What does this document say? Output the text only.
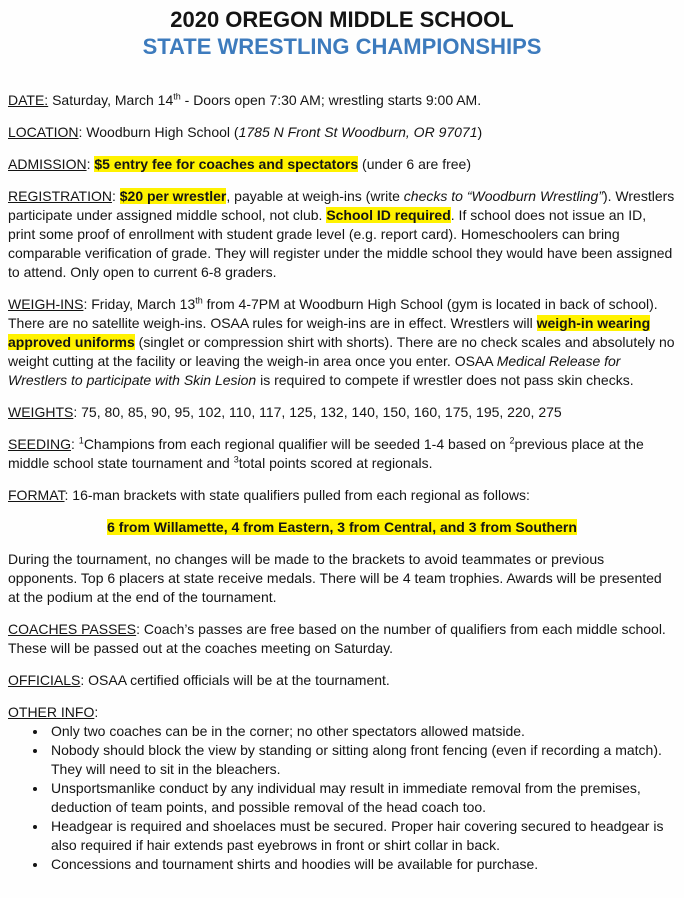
2020 OREGON MIDDLE SCHOOL
STATE WRESTLING CHAMPIONSHIPS

DATE: Saturday, March 14th - Doors open 7:30 AM; wrestling starts 9:00 AM.

LOCATION: Woodburn High School (1785 N Front St Woodburn, OR 97071)

ADMISSION: $5 entry fee for coaches and spectators (under 6 are free)

REGISTRATION: $20 per wrestler, payable at weigh-ins (write checks to “Woodburn Wrestling”). Wrestlers participate under assigned middle school, not club. School ID required. If school does not issue an ID, print some proof of enrollment with student grade level (e.g. report card). Homeschoolers can bring comparable verification of grade. They will register under the middle school they would have been assigned to attend. Only open to current 6-8 graders.

WEIGH-INS: Friday, March 13th from 4-7PM at Woodburn High School (gym is located in back of school). There are no satellite weigh-ins. OSAA rules for weigh-ins are in effect. Wrestlers will weigh-in wearing approved uniforms (singlet or compression shirt with shorts). There are no check scales and absolutely no weight cutting at the facility or leaving the weigh-in area once you enter. OSAA Medical Release for Wrestlers to participate with Skin Lesion is required to compete if wrestler does not pass skin checks.

WEIGHTS: 75, 80, 85, 90, 95, 102, 110, 117, 125, 132, 140, 150, 160, 175, 195, 220, 275

SEEDING: $^1$Champions from each regional qualifier will be seeded 1-4 based on $^2$previous place at the middle school state tournament and $^3$total points scored at regionals.

FORMAT: 16-man brackets with state qualifiers pulled from each regional as follows:

6 from Willamette, 4 from Eastern, 3 from Central, and 3 from Southern

During the tournament, no changes will be made to the brackets to avoid teammates or previous opponents. Top 6 placers at state receive medals. There will be 4 team trophies. Awards will be presented at the podium at the end of the tournament.

COACHES PASSES: Coach’s passes are free based on the number of qualifiers from each middle school. These will be passed out at the coaches meeting on Saturday.

OFFICIALS: OSAA certified officials will be at the tournament.

OTHER INFO:

• Only two coaches can be in the corner; no other spectators allowed matside.
• Nobody should block the view by standing or sitting along front fencing (even if recording a match). They will need to sit in the bleachers.
• Unsportsmanlike conduct by any individual may result in immediate removal from the premises, deduction of team points, and possible removal of the head coach too.
• Headgear is required and shoelaces must be secured. Proper hair covering secured to headgear is also required if hair extends past eyebrows in front or shirt collar in back.
• Concessions and tournament shirts and hoodies will be available for purchase.
